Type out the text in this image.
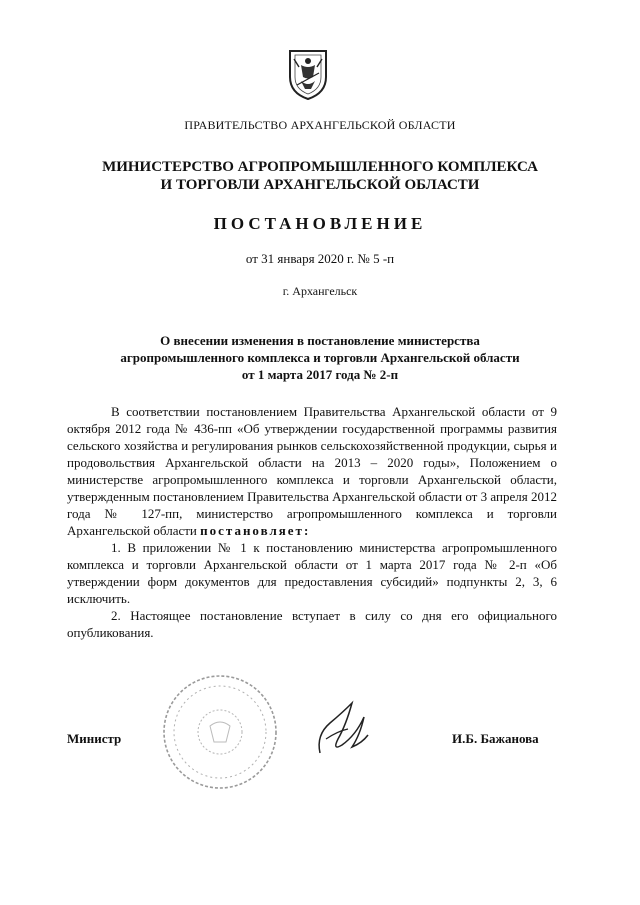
ПРАВИТЕЛЬСТВО АРХАНГЕЛЬСКОЙ ОБЛАСТИ
МИНИСТЕРСТВО АГРОПРОМЫШЛЕННОГО КОМПЛЕКСА
И ТОРГОВЛИ АРХАНГЕЛЬСКОЙ ОБЛАСТИ
ПОСТАНОВЛЕНИЕ
от 31 января 2020 г. № 5 -п
г. Архангельск
О внесении изменения в постановление министерства
агропромышленного комплекса и торговли Архангельской области
от 1 марта 2017 года № 2-п

В соответствии постановлением Правительства Архангельской области от 9 октября 2012 года № 436-пп «Об утверждении государственной программы развития сельского хозяйства и регулирования рынков сельскохозяйственной продукции, сырья и продовольствия Архангельской области на 2013 – 2020 годы», Положением о министерстве агропромышленного комплекса и торговли Архангельской области, утвержденным постановлением Правительства Архангельской области от 3 апреля 2012 года № 127-пп, министерство агропромышленного комплекса и торговли Архангельской области постановляет:

1. В приложении № 1 к постановлению министерства агропромышленного комплекса и торговли Архангельской области от 1 марта 2017 года № 2-п «Об утверждении форм документов для предоставления субсидий» подпункты 2, 3, 6 исключить.

2. Настоящее постановление вступает в силу со дня его официального опубликования.

Министр	И.Б. Бажанова
